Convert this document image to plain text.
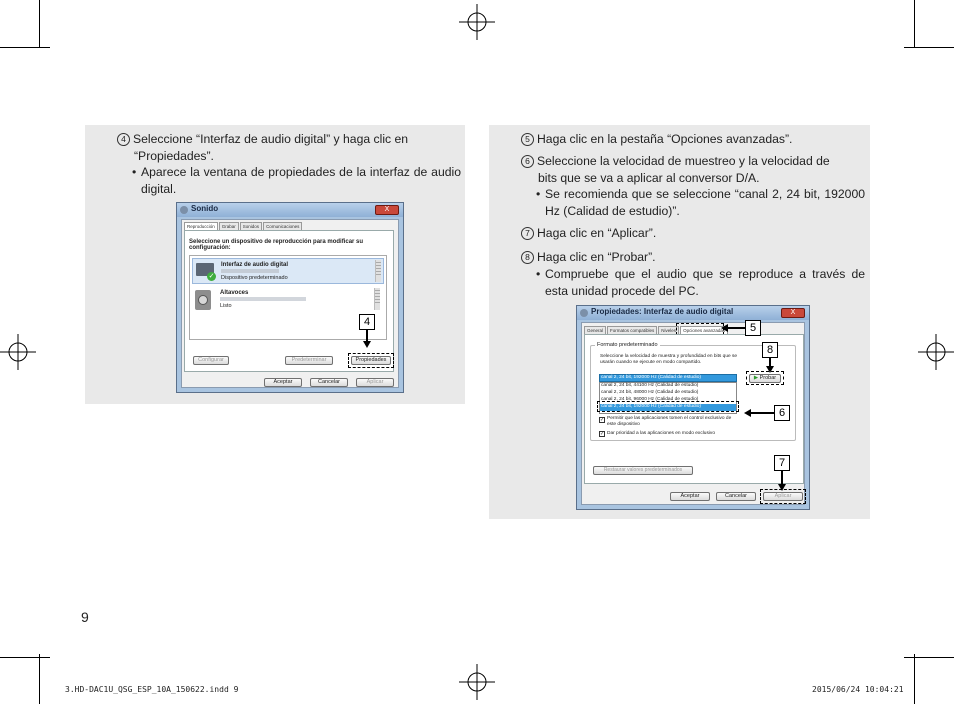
4 Seleccione “Interfaz de audio digital” y haga clic en
“Propiedades”.
• Aparece la ventana de propiedades de la interfaz de audio digital.
Sonido	X
Reproducción	Grabar	Sonidos	Comunicaciones
Seleccione un dispositivo de reproducción para modificar su
configuración:
✓
Interfaz de audio digital
Dispositivo predeterminado
Altavoces
Listo
Configurar	Predeterminar	Propiedades
Aceptar	Cancelar	Aplicar
4
5 Haga clic en la pestaña “Opciones avanzadas”.
6 Seleccione la velocidad de muestreo y la velocidad de
bits que se va a aplicar al conversor D/A.
• Se recomienda que se seleccione “canal 2, 24 bit, 192000 Hz (Calidad de estudio)”.
7 Haga clic en “Aplicar”.
8 Haga clic en “Probar”.
• Compruebe que el audio que se reproduce a través de esta unidad procede del PC.
Propiedades: Interfaz de audio digital	X
General	Formatos compatibles	Niveles	Opciones avanzadas
Formato predeterminado
Seleccione la velocidad de muestra y profundidad en bits que se
usarán cuando se ejecute en modo compartido.
canal 2, 24 bit, 192000 Hz (Calidad de estudio)
canal 2, 24 bit, 44100 Hz (Calidad de estudio)
canal 2, 24 bit, 48000 Hz (Calidad de estudio)
canal 2, 24 bit, 96000 Hz (Calidad de estudio)
canal 2, 24 bit, 192000 Hz (Calidad de estudio)
▶ Probar
✓ Permitir que las aplicaciones tomen el control exclusivo de
este dispositivo
✓ Dar prioridad a las aplicaciones en modo exclusivo
Restaurar valores predeterminados
Aceptar	Cancelar	Aplicar
5
8
6
7
9
3.HD-DAC1U_QSG_ESP_10A_150622.indd 9	2015/06/24 10:04:21
